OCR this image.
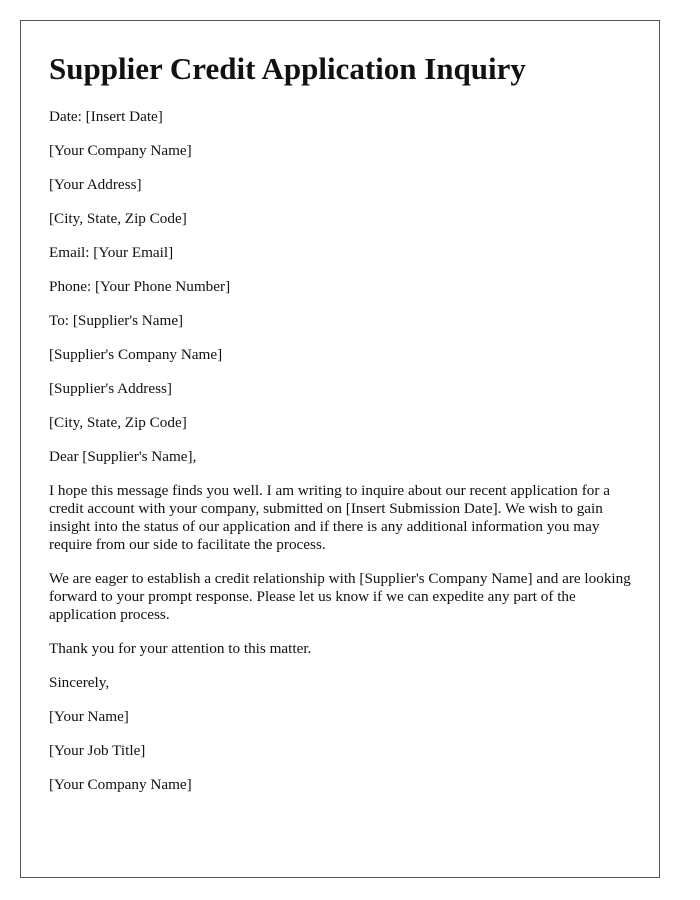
Supplier Credit Application Inquiry

Date: [Insert Date]

[Your Company Name]

[Your Address]

[City, State, Zip Code]

Email: [Your Email]

Phone: [Your Phone Number]

To: [Supplier's Name]

[Supplier's Company Name]

[Supplier's Address]

[City, State, Zip Code]

Dear [Supplier's Name],

I hope this message finds you well. I am writing to inquire about our recent application for a credit account with your company, submitted on [Insert Submission Date]. We wish to gain insight into the status of our application and if there is any additional information you may require from our side to facilitate the process.

We are eager to establish a credit relationship with [Supplier's Company Name] and are looking forward to your prompt response. Please let us know if we can expedite any part of the application process.

Thank you for your attention to this matter.

Sincerely,

[Your Name]

[Your Job Title]

[Your Company Name]
